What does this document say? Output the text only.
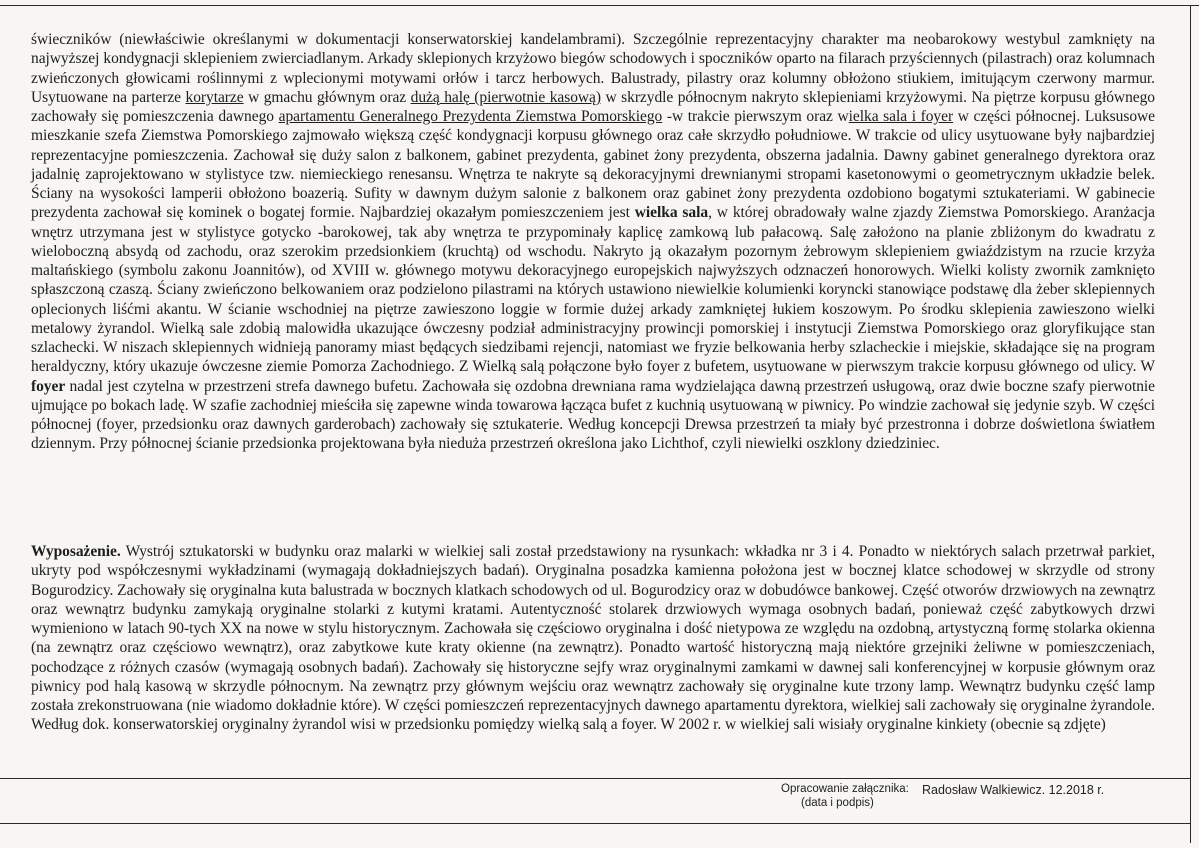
świeczników (niewłaściwie określanymi w dokumentacji konserwatorskiej kandelambrami). Szczególnie reprezentacyjny charakter ma neobarokowy westybul zamknięty na najwyższej kondygnacji sklepieniem zwierciadlanym. Arkady sklepionych krzyżowo biegów schodowych i spoczników oparto na filarach przyściennych (pilastrach) oraz kolumnach zwieńczonych głowicami roślinnymi z wplecionymi motywami orłów i tarcz herbowych. Balustrady, pilastry oraz kolumny obłożono stiukiem, imitującym czerwony marmur. Usytuowane na parterze korytarze w gmachu głównym oraz dużą halę (pierwotnie kasową) w skrzydle północnym nakryto sklepieniami krzyżowymi. Na piętrze korpusu głównego zachowały się pomieszczenia dawnego apartamentu Generalnego Prezydenta Ziemstwa Pomorskiego -w trakcie pierwszym oraz wielka sala i foyer w części północnej. Luksusowe mieszkanie szefa Ziemstwa Pomorskiego zajmowało większą część kondygnacji korpusu głównego oraz całe skrzydło południowe. W trakcie od ulicy usytuowane były najbardziej reprezentacyjne pomieszczenia. Zachował się duży salon z balkonem, gabinet prezydenta, gabinet żony prezydenta, obszerna jadalnia. Dawny gabinet generalnego dyrektora oraz jadalnię zaprojektowano w stylistyce tzw. niemieckiego renesansu. Wnętrza te nakryte są dekoracyjnymi drewnianymi stropami kasetonowymi o geometrycznym układzie belek. Ściany na wysokości lamperii obłożono boazerią. Sufity w dawnym dużym salonie z balkonem oraz gabinet żony prezydenta ozdobiono bogatymi sztukateriami. W gabinecie prezydenta zachował się kominek o bogatej formie. Najbardziej okazałym pomieszczeniem jest wielka sala, w której obradowały walne zjazdy Ziemstwa Pomorskiego. Aranżacja wnętrz utrzymana jest w stylistyce gotycko -barokowej, tak aby wnętrza te przypominały kaplicę zamkową lub pałacową. Salę założono na planie zbliżonym do kwadratu z wieloboczną absydą od zachodu, oraz szerokim przedsionkiem (kruchtą) od wschodu. Nakryto ją okazałym pozornym żebrowym sklepieniem gwiaździstym na rzucie krzyża maltańskiego (symbolu zakonu Joannitów), od XVIII w. głównego motywu dekoracyjnego europejskich najwyższych odznaczeń honorowych. Wielki kolisty zwornik zamknięto spłaszczoną czaszą. Ściany zwieńczono belkowaniem oraz podzielono pilastrami na których ustawiono niewielkie kolumienki koryncki stanowiące podstawę dla żeber sklepiennych oplecionych liśćmi akantu. W ścianie wschodniej na piętrze zawieszono loggie w formie dużej arkady zamkniętej łukiem koszowym. Po środku sklepienia zawieszono wielki metalowy żyrandol. Wielką sale zdobią malowidła ukazujące ówczesny podział administracyjny prowincji pomorskiej i instytucji Ziemstwa Pomorskiego oraz gloryfikujące stan szlachecki. W niszach sklepiennych widnieją panoramy miast będących siedzibami rejencji, natomiast we fryzie belkowania herby szlacheckie i miejskie, składające się na program heraldyczny, który ukazuje ówczesne ziemie Pomorza Zachodniego. Z Wielką salą połączone było foyer z bufetem, usytuowane w pierwszym trakcie korpusu głównego od ulicy. W foyer nadal jest czytelna w przestrzeni strefa dawnego bufetu. Zachowała się ozdobna drewniana rama wydzielająca dawną przestrzeń usługową, oraz dwie boczne szafy pierwotnie ujmujące po bokach ladę. W szafie zachodniej mieściła się zapewne winda towarowa łącząca bufet z kuchnią usytuowaną w piwnicy. Po windzie zachował się jedynie szyb. W części północnej (foyer, przedsionku oraz dawnych garderobach) zachowały się sztukaterie. Według koncepcji Drewsa przestrzeń ta miały być przestronna i dobrze doświetlona światłem dziennym. Przy północnej ścianie przedsionka projektowana była nieduża przestrzeń określona jako Lichthof, czyli niewielki oszklony dziedziniec.
Wyposażenie. Wystrój sztukatorski w budynku oraz malarki w wielkiej sali został przedstawiony na rysunkach: wkładka nr 3 i 4. Ponadto w niektórych salach przetrwał parkiet, ukryty pod współczesnymi wykładzinami (wymagają dokładniejszych badań). Oryginalna posadzka kamienna położona jest w bocznej klatce schodowej w skrzydle od strony Bogurodzicy. Zachowały się oryginalna kuta balustrada w bocznych klatkach schodowych od ul. Bogurodzicy oraz w dobudówce bankowej. Część otworów drzwiowych na zewnątrz oraz wewnątrz budynku zamykają oryginalne stolarki z kutymi kratami. Autentyczność stolarek drzwiowych wymaga osobnych badań, ponieważ część zabytkowych drzwi wymieniono w latach 90-tych XX na nowe w stylu historycznym. Zachowała się częściowo oryginalna i dość nietypowa ze względu na ozdobną, artystyczną formę stolarka okienna (na zewnątrz oraz częściowo wewnątrz), oraz zabytkowe kute kraty okienne (na zewnątrz). Ponadto wartość historyczną mają niektóre grzejniki żeliwne w pomieszczeniach, pochodzące z różnych czasów (wymagają osobnych badań). Zachowały się historyczne sejfy wraz oryginalnymi zamkami w dawnej sali konferencyjnej w korpusie głównym oraz piwnicy pod halą kasową w skrzydle północnym. Na zewnątrz przy głównym wejściu oraz wewnątrz zachowały się oryginalne kute trzony lamp. Wewnątrz budynku część lamp została zrekonstruowana (nie wiadomo dokładnie które). W części pomieszczeń reprezentacyjnych dawnego apartamentu dyrektora, wielkiej sali zachowały się oryginalne żyrandole. Według dok. konserwatorskiej oryginalny żyrandol wisi w przedsionku pomiędzy wielką salą a foyer. W 2002 r. w wielkiej sali wisiały oryginalne kinkiety (obecnie są zdjęte)
Opracowanie załącznika:
(data i podpis)
Radosław Walkiewicz. 12.2018 r.
